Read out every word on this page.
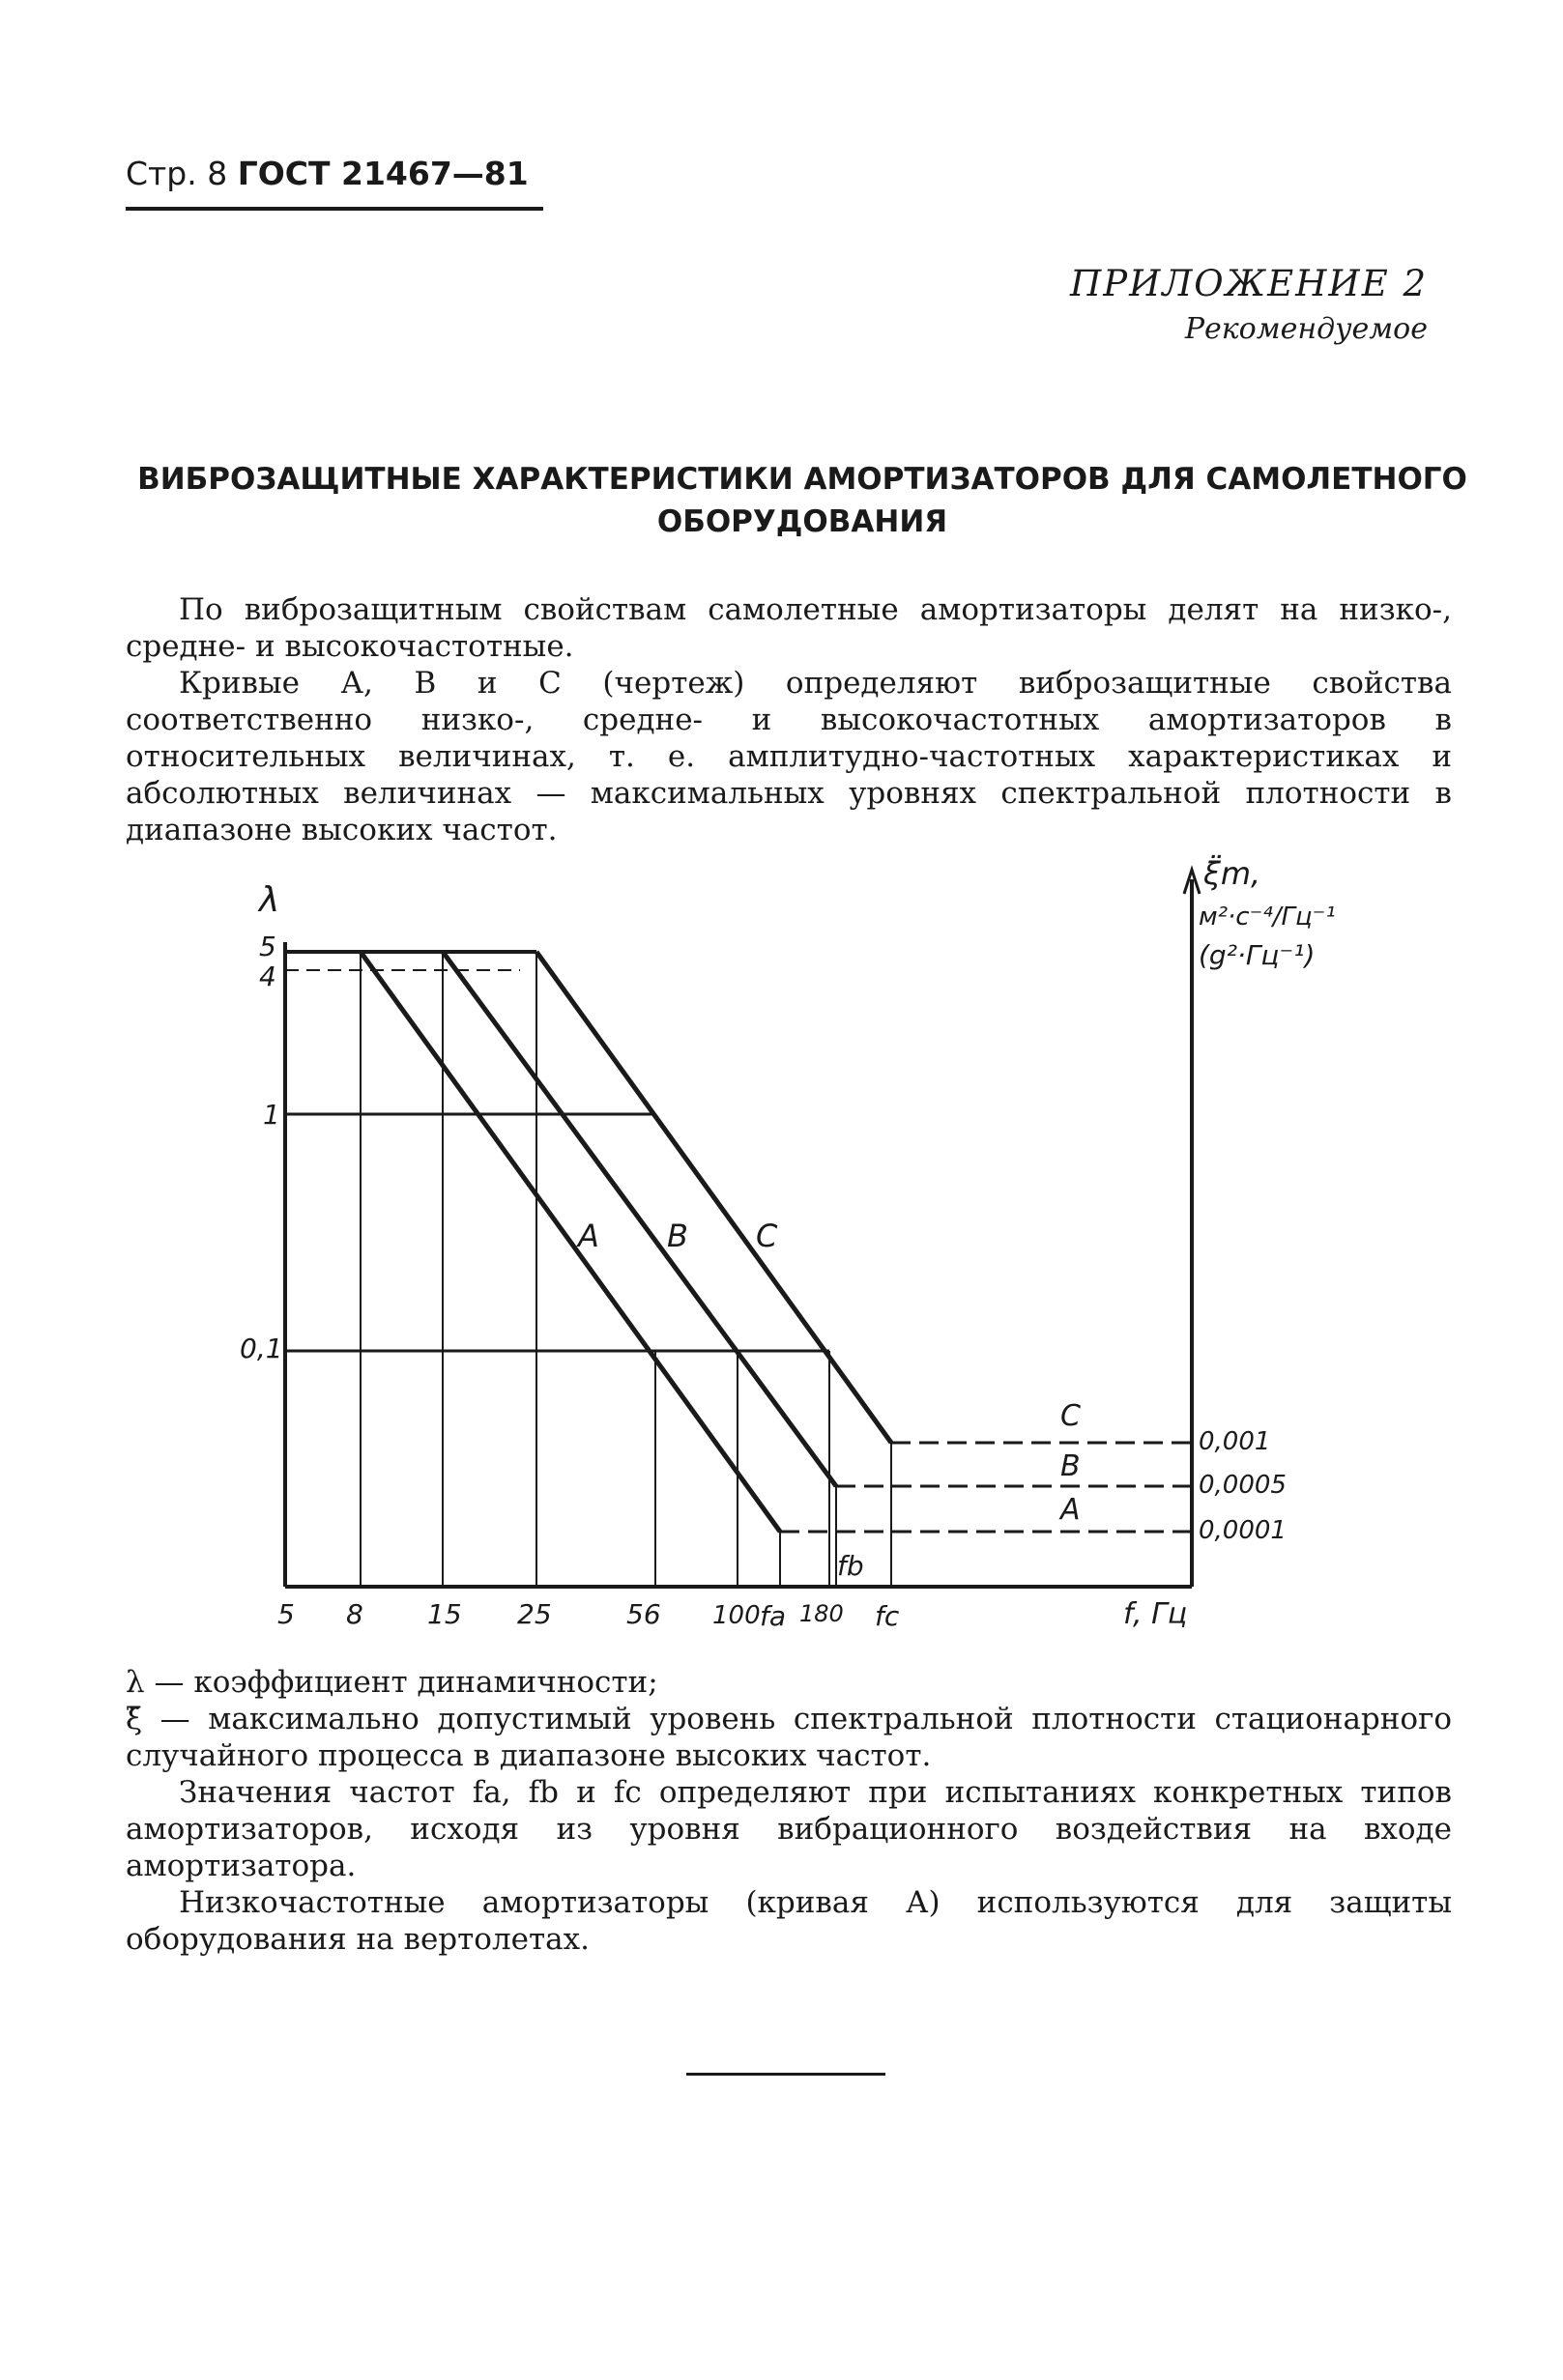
Стр. 8 ГОСТ 21467—81
ПРИЛОЖЕНИЕ 2
Рекомендуемое
ВИБРОЗАЩИТНЫЕ ХАРАКТЕРИСТИКИ АМОРТИЗАТОРОВ ДЛЯ САМОЛЕТНОГО
ОБОРУДОВАНИЯ

По виброзащитным свойствам самолетные амортизаторы делят на низко-, средне- и высокочастотные.

Кривые А, В и С (чертеж) определяют виброзащитные свойства соответственно низко-, средне- и высокочастотных амортизаторов в относительных величинах, т. е. амплитудно-частотных характеристиках и абсолютных величинах — максимальных уровнях спектральной плотности в диапазоне высоких частот.

λ
ξ̈m,
м²·с⁻⁴/Гц⁻¹
(g²·Гц⁻¹)
f, Гц
5
4
1
0,1
0,001
0,0005
0,0001
5 8 15 25	56 100 fa 180 fc
fb
A B C
C
B
A

λ — коэффициент динамичности;

ξ̈ — максимально допустимый уровень спектральной плотности стационарного случайного процесса в диапазоне высоких частот.

Значения частот fa, fb и fc определяют при испытаниях конкретных типов амортизаторов, исходя из уровня вибрационного воздействия на входе амортизатора.

Низкочастотные амортизаторы (кривая А) используются для защиты оборудования на вертолетах.
